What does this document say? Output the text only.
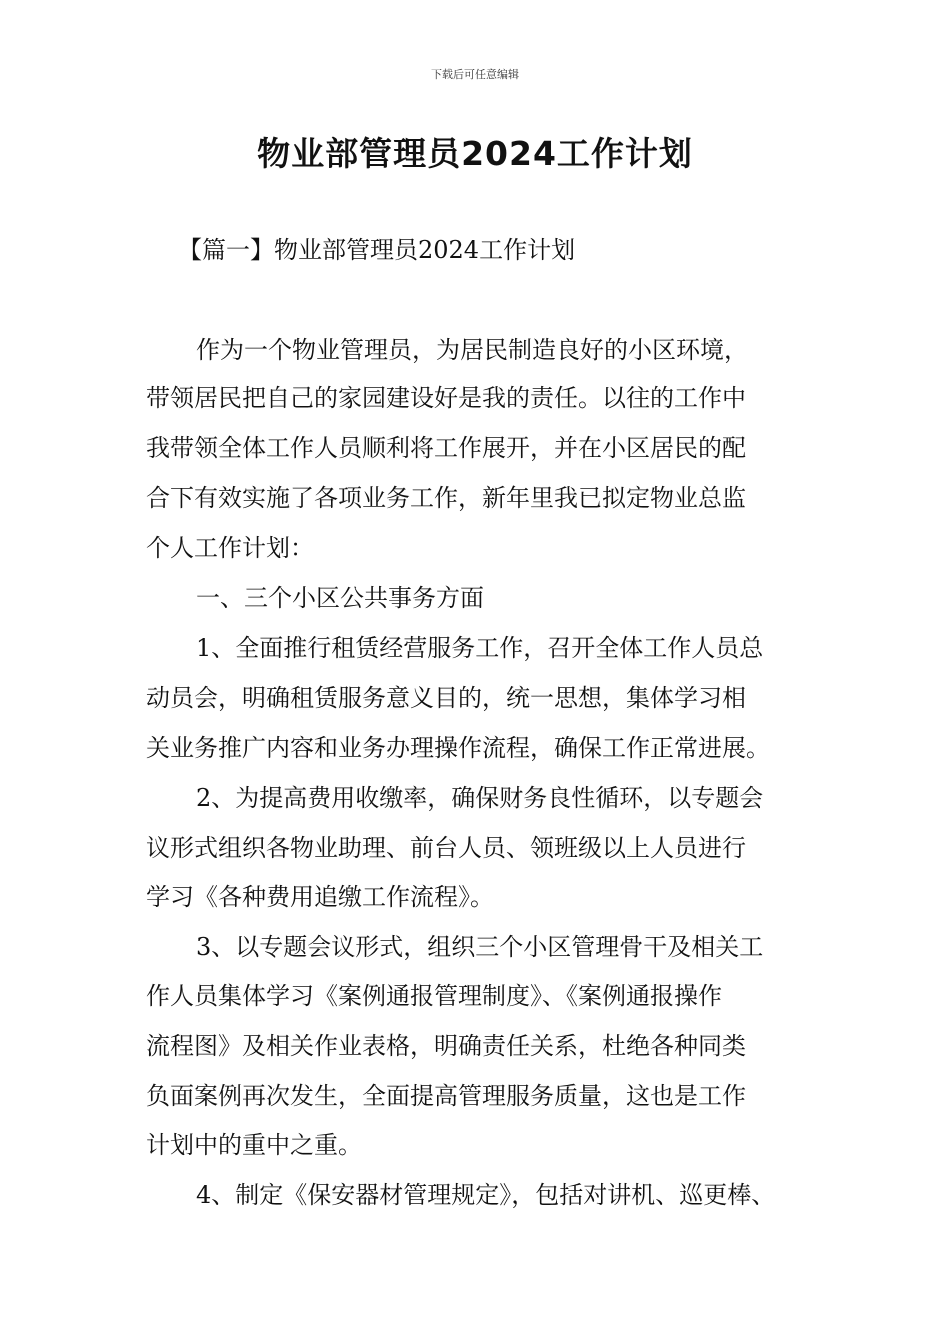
下载后可任意编辑
物业部管理员2024工作计划
【篇一】物业部管理员2024工作计划
作为一个物业管理员，为居民制造良好的小区环境，
带领居民把自己的家园建设好是我的责任。以往的工作中
我带领全体工作人员顺利将工作展开，并在小区居民的配
合下有效实施了各项业务工作，新年里我已拟定物业总监
个人工作计划：
一、三个小区公共事务方面
1、全面推行租赁经营服务工作，召开全体工作人员总
动员会，明确租赁服务意义目的，统一思想，集体学习相
关业务推广内容和业务办理操作流程，确保工作正常进展。
2、为提高费用收缴率，确保财务良性循环，以专题会
议形式组织各物业助理、前台人员、领班级以上人员进行
学习《各种费用追缴工作流程》。
3、以专题会议形式，组织三个小区管理骨干及相关工
作人员集体学习《案例通报管理制度》、《案例通报操作
流程图》及相关作业表格，明确责任关系，杜绝各种同类
负面案例再次发生，全面提高管理服务质量，这也是工作
计划中的重中之重。
4、制定《保安器材管理规定》，包括对讲机、巡更棒、
